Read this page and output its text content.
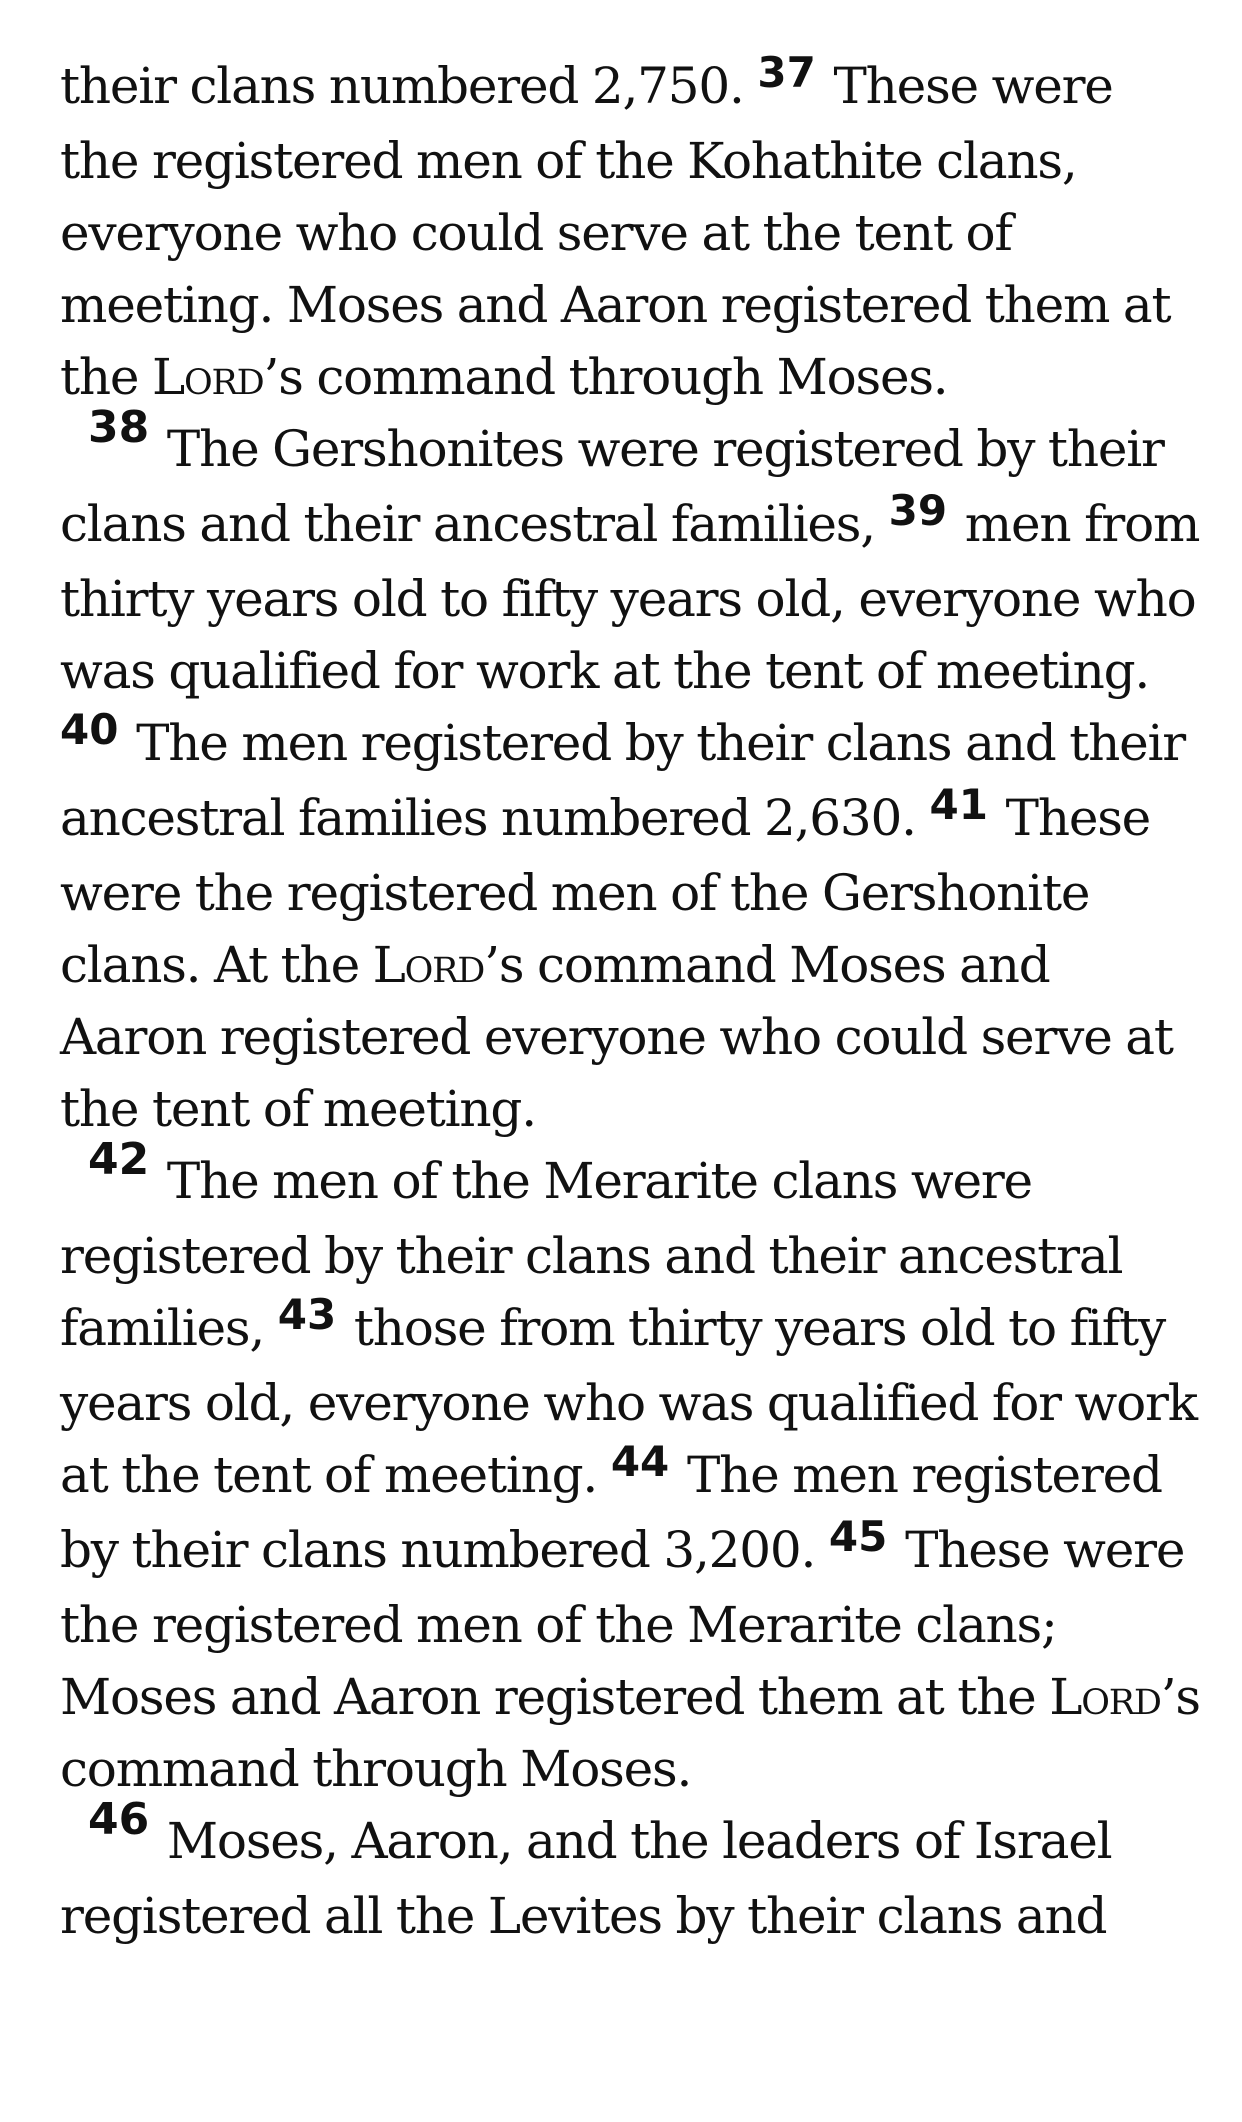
their clans numbered 2,750. $^{37}$ These were the registered men of the Kohathite clans, everyone who could serve at the tent of meeting. Moses and Aaron registered them at the Lord’s command through Moses.

38 The Gershonites were registered by their clans and their ancestral families, $^{39}$ men from thirty years old to fifty years old, everyone who was qualified for work at the tent of meeting. $^{40}$ The men registered by their clans and their ancestral families numbered 2,630. $^{41}$ These were the registered men of the Gershonite clans. At the Lord’s command Moses and Aaron registered everyone who could serve at the tent of meeting.

42 The men of the Merarite clans were registered by their clans and their ancestral families, $^{43}$ those from thirty years old to fifty years old, everyone who was qualified for work at the tent of meeting. $^{44}$ The men registered by their clans numbered 3,200. $^{45}$ These were the registered men of the Merarite clans; Moses and Aaron registered them at the Lord’s command through Moses.

46 Moses, Aaron, and the leaders of Israel registered all the Levites by their clans and
